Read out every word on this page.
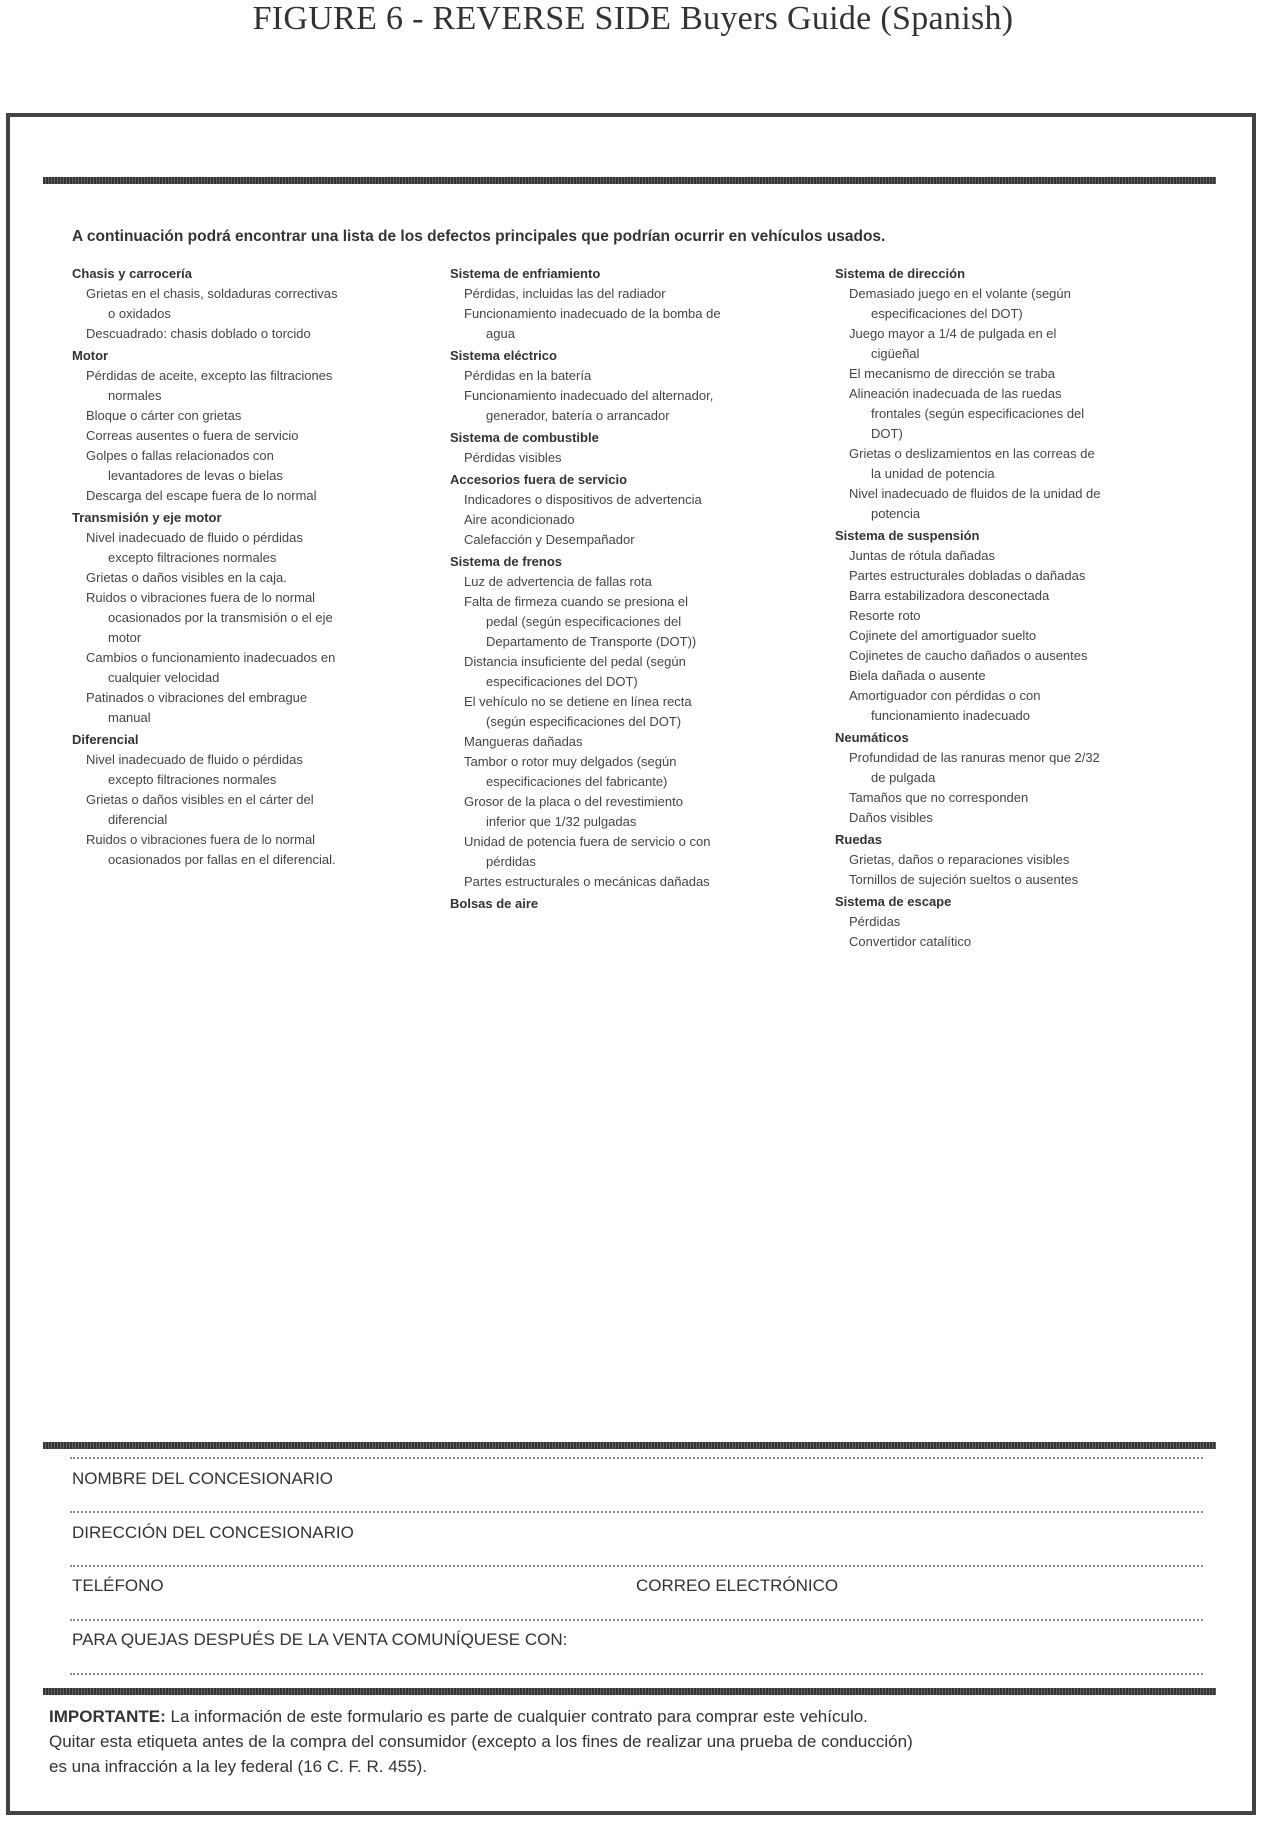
FIGURE 6 - REVERSE SIDE Buyers Guide (Spanish)
A continuación podrá encontrar una lista de los defectos principales que podrían ocurrir en vehículos usados.
Chasis y carrocería
Grietas en el chasis, soldaduras correctivas
o oxidados
Descuadrado: chasis doblado o torcido
Motor
Pérdidas de aceite, excepto las filtraciones
normales
Bloque o cárter con grietas
Correas ausentes o fuera de servicio
Golpes o fallas relacionados con
levantadores de levas o bielas
Descarga del escape fuera de lo normal
Transmisión y eje motor
Nivel inadecuado de fluido o pérdidas
excepto filtraciones normales
Grietas o daños visibles en la caja.
Ruidos o vibraciones fuera de lo normal
ocasionados por la transmisión o el eje
motor
Cambios o funcionamiento inadecuados en
cualquier velocidad
Patinados o vibraciones del embrague
manual
Diferencial
Nivel inadecuado de fluido o pérdidas
excepto filtraciones normales
Grietas o daños visibles en el cárter del
diferencial
Ruidos o vibraciones fuera de lo normal
ocasionados por fallas en el diferencial.
Sistema de enfriamiento
Pérdidas, incluidas las del radiador
Funcionamiento inadecuado de la bomba de
agua
Sistema eléctrico
Pérdidas en la batería
Funcionamiento inadecuado del alternador,
generador, batería o arrancador
Sistema de combustible
Pérdidas visibles
Accesorios fuera de servicio
Indicadores o dispositivos de advertencia
Aire acondicionado
Calefacción y Desempañador
Sistema de frenos
Luz de advertencia de fallas rota
Falta de firmeza cuando se presiona el
pedal (según especificaciones del
Departamento de Transporte (DOT))
Distancia insuficiente del pedal (según
especificaciones del DOT)
El vehículo no se detiene en línea recta
(según especificaciones del DOT)
Mangueras dañadas
Tambor o rotor muy delgados (según
especificaciones del fabricante)
Grosor de la placa o del revestimiento
inferior que 1/32 pulgadas
Unidad de potencia fuera de servicio o con
pérdidas
Partes estructurales o mecánicas dañadas
Bolsas de aire
Sistema de dirección
Demasiado juego en el volante (según
especificaciones del DOT)
Juego mayor a 1/4 de pulgada en el
cigüeñal
El mecanismo de dirección se traba
Alineación inadecuada de las ruedas
frontales (según especificaciones del
DOT)
Grietas o deslizamientos en las correas de
la unidad de potencia
Nivel inadecuado de fluidos de la unidad de
potencia
Sistema de suspensión
Juntas de rótula dañadas
Partes estructurales dobladas o dañadas
Barra estabilizadora desconectada
Resorte roto
Cojinete del amortiguador suelto
Cojinetes de caucho dañados o ausentes
Biela dañada o ausente
Amortiguador con pérdidas o con
funcionamiento inadecuado
Neumáticos
Profundidad de las ranuras menor que 2/32
de pulgada
Tamaños que no corresponden
Daños visibles
Ruedas
Grietas, daños o reparaciones visibles
Tornillos de sujeción sueltos o ausentes
Sistema de escape
Pérdidas
Convertidor catalítico
NOMBRE DEL CONCESIONARIO
DIRECCIÓN DEL CONCESIONARIO
TELÉFONO	CORREO ELECTRÓNICO
PARA QUEJAS DESPUÉS DE LA VENTA COMUNÍQUESE CON:
IMPORTANTE: La información de este formulario es parte de cualquier contrato para comprar este vehículo.
Quitar esta etiqueta antes de la compra del consumidor (excepto a los fines de realizar una prueba de conducción)
es una infracción a la ley federal (16 C. F. R. 455).
